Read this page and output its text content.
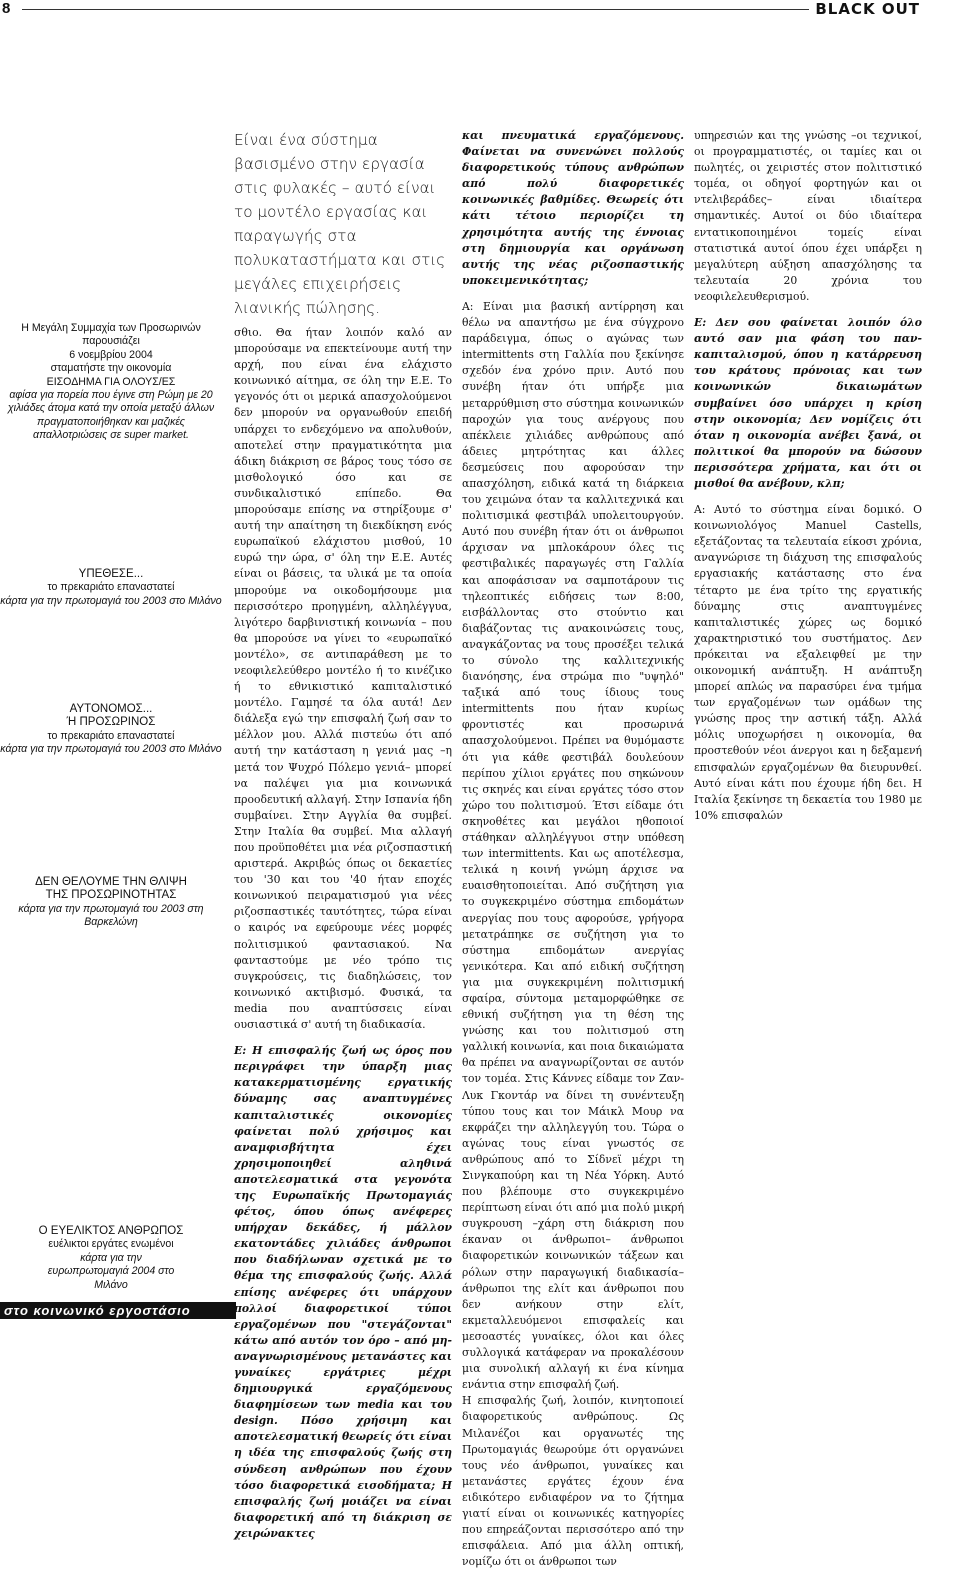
8	BLACK OUT
Η Μεγάλη Συμμαχία των Προσωρινών
παρουσιάζει
6 νοεμβρίου 2004
σταματήστε την οικονομία
ΕΙΣΟΔΗΜΑ ΓΙΑ ΟΛΟΥΣ/ΕΣ
αφίσα για πορεία που έγινε στη Ρώμη με 20 χιλιάδες άτομα κατά την οποία μεταξύ άλλων πραγματοποιήθηκαν και μαζικές απαλλοτριώσεις σε super market.
ΥΠΕΘΕΣΕ...
το πρεκαριάτο επαναστατεί
κάρτα για την πρωτομαγιά του 2003 στο Μιλάνο
ΑΥΤΟΝΟΜΟΣ...
Ή ΠΡΟΣΩΡΙΝΟΣ
το πρεκαριάτο επαναστατεί
κάρτα για την πρωτομαγιά του 2003 στο Μιλάνο
ΔΕΝ ΘΕΛΟΥΜΕ ΤΗΝ ΘΛΙΨΗ
ΤΗΣ ΠΡΟΣΩΡΙΝΟΤΗΤΑΣ
κάρτα για την πρωτομαγιά του 2003 στη Βαρκελώνη
Ο ΕΥΕΛΙΚΤΟΣ ΑΝΘΡΩΠΟΣ
ευέλικτοι εργάτες ενωμένοι
κάρτα για την ευρωπρωτομαγιά 2004 στο Μιλάνο
στο κοινωνικό εργοστάσιο
Είναι ένα σύστημα βασισμένο στην εργασία στις φυλακές – αυτό είναι το μοντέλο εργασίας και παραγωγής στα πολυκαταστήματα και στις μεγάλες επιχειρήσεις λιανικής πώλησης.

σθιο. Θα ήταν λοιπόν καλό αν μπορούσαμε να επεκτείνουμε αυτή την αρχή, που είναι ένα ελάχιστο κοινωνικό αίτημα, σε όλη την Ε.Ε. Το γεγονός ότι οι μερικά απασχολούμενοι δεν μπορούν να οργανωθούν επειδή υπάρχει το ενδεχόμενο να απολυθούν, αποτελεί στην πραγματικότητα μια άδικη διάκριση σε βάρος τους τόσο σε μισθολογικό όσο και σε συνδικαλιστικό επίπεδο. Θα μπορούσαμε επίσης να στηρίξουμε σ' αυτή την απαίτηση τη διεκδίκηση ενός ευρωπαϊκού ελάχιστου μισθού, 10 ευρώ την ώρα, σ' όλη την Ε.Ε. Αυτές είναι οι βάσεις, τα υλικά με τα οποία μπορούμε να οικοδομήσουμε μια περισσότερο προηγμένη, αλληλέγγυα, λιγότερο δαρβινιστική κοινωνία – που θα μπορούσε να γίνει το «ευρωπαϊκό μοντέλο», σε αντιπαράθεση με το νεοφιλελεύθερο μοντέλο ή το κινέζικο ή το εθνικιστικό καπιταλιστικό μοντέλο. Γαμησέ τα όλα αυτά! Δεν διάλεξα εγώ την επισφαλή ζωή σαν το μέλλον μου. Αλλά πιστεύω ότι από αυτή την κατάσταση η γενιά μας –η μετά τον Ψυχρό Πόλεμο γενιά– μπορεί να παλέψει για μια κοινωνικά προοδευτική αλλαγή. Στην Ισπανία ήδη συμβαίνει. Στην Αγγλία θα συμβεί. Στην Ιταλία θα συμβεί. Μια αλλαγή που προϋποθέτει μια νέα ριζοσπαστική αριστερά. Ακριβώς όπως οι δεκαετίες του '30 και του '40 ήταν εποχές κοινωνικού πειραματισμού για νέες ριζοσπαστικές ταυτότητες, τώρα είναι ο καιρός να εφεύρουμε νέες μορφές πολιτισμικού φαντασιακού. Να φανταστούμε με νέο τρόπο τις συγκρούσεις, τις διαδηλώσεις, τον κοινωνικό ακτιβισμό. Φυσικά, τα media που αναπτύσσεις είναι ουσιαστικά σ' αυτή τη διαδικασία.

Ε: Η επισφαλής ζωή ως όρος που περιγράφει την ύπαρξη μιας κατακερματισμένης εργατικής δύναμης σας αναπτυγμένες καπιταλιστικές οικονομίες φαίνεται πολύ χρήσιμος και αναμφισβήτητα έχει χρησιμοποιηθεί αληθινά αποτελεσματικά στα γεγονότα της Ευρωπαϊκής Πρωτομαγιάς φέτος, όπου όπως ανέφερες υπήρχαν δεκάδες, ή μάλλον εκατοντάδες χιλιάδες άνθρωποι που διαδήλωναν σχετικά με το θέμα της επισφαλούς ζωής. Αλλά επίσης ανέφερες ότι υπάρχουν πολλοί διαφορετικοί τύποι εργαζομένων που "στεγάζονται" κάτω από αυτόν τον όρο – από μη-αναγνωρισμένους μετανάστες και γυναίκες εργάτριες μέχρι δημιουργικά εργαζόμενους διαφημίσεων των media και του design. Πόσο χρήσιμη και αποτελεσματική θεωρείς ότι είναι η ιδέα της επισφαλούς ζωής στη σύνδεση ανθρώπων που έχουν τόσο διαφορετικά εισοδήματα; Η επισφαλής ζωή μοιάζει να είναι διαφορετική από τη διάκριση σε χειρώνακτες

και πνευματικά εργαζόμενους. Φαίνεται να συνενώνει πολλούς διαφορετικούς τύπους ανθρώπων από πολύ διαφορετικές κοινωνικές βαθμίδες. Θεωρείς ότι κάτι τέτοιο περιορίζει τη χρησιμότητα αυτής της έννοιας στη δημιουργία και οργάνωση αυτής της νέας ριζοσπαστικής υποκειμενικότητας;

Α: Είναι μια βασική αντίρρηση και θέλω να απαντήσω με ένα σύγχρονο παράδειγμα, όπως ο αγώνας των intermittents στη Γαλλία που ξεκίνησε σχεδόν ένα χρόνο πριν. Αυτό που συνέβη ήταν ότι υπήρξε μια μεταρρύθμιση στο σύστημα κοινωνικών παροχών για τους ανέργους που απέκλειε χιλιάδες ανθρώπους από άδειες μητρότητας και άλλες δεσμεύσεις που αφορούσαν την απασχόληση, ειδικά κατά τη διάρκεια του χειμώνα όταν τα καλλιτεχνικά και πολιτισμικά φεστιβάλ υπολειτουργούν. Αυτό που συνέβη ήταν ότι οι άνθρωποι άρχισαν να μπλοκάρουν όλες τις φεστιβαλικές παραγωγές στη Γαλλία και αποφάσισαν να σαμποτάρουν τις τηλεοπτικές ειδήσεις των 8:00, εισβάλλοντας στο στούντιο και διαβάζοντας τις ανακοινώσεις τους, αναγκάζοντας να τους προσέξει τελικά το σύνολο της καλλιτεχνικής διανόησης, ένα στρώμα πιο "υψηλό" ταξικά από τους ίδιους τους intermittents που ήταν κυρίως φροντιστές και προσωρινά απασχολούμενοι. Πρέπει να θυμόμαστε ότι για κάθε φεστιβάλ δουλεύουν περίπου χίλιοι εργάτες που σηκώνουν τις σκηνές και είναι εργάτες τόσο στον χώρο του πολιτισμού. Έτσι είδαμε ότι σκηνοθέτες και μεγάλοι ηθοποιοί στάθηκαν αλληλέγγυοι στην υπόθεση των intermittents. Και ως αποτέλεσμα, τελικά η κοινή γνώμη άρχισε να ευαισθητοποιείται. Από συζήτηση για το συγκεκριμένο σύστημα επιδομάτων ανεργίας που τους αφορούσε, γρήγορα μετατράπηκε σε συζήτηση για το σύστημα επιδομάτων ανεργίας γενικότερα. Και από ειδική συζήτηση για μια συγκεκριμένη πολιτισμική σφαίρα, σύντομα μεταμορφώθηκε σε εθνική συζήτηση για τη θέση της γνώσης και του πολιτισμού στη γαλλική κοινωνία, και ποια δικαιώματα θα πρέπει να αναγνωρίζονται σε αυτόν τον τομέα. Στις Κάννες είδαμε τον Ζαν-Λυκ Γκοντάρ να δίνει τη συνέντευξη τύπου τους και τον Μάικλ Μουρ να εκφράζει την αλληλεγγύη του. Τώρα ο αγώνας τους είναι γνωστός σε ανθρώπους από το Σίδνεϊ μέχρι τη Σινγκαπούρη και τη Νέα Υόρκη. Αυτό που βλέπουμε στο συγκεκριμένο περίπτωση είναι ότι από μια πολύ μικρή συγκρουση –χάρη στη διάκριση που έκαναν οι άνθρωποι– άνθρωποι διαφορετικών κοινωνικών τάξεων και ρόλων στην παραγωγική διαδικασία– άνθρωποι της ελίτ και άνθρωποι που δεν ανήκουν στην ελίτ, εκμεταλλευόμενοι επισφαλείς και μεσοαστές γυναίκες, όλοι και όλες συλλογικά κατάφεραν να προκαλέσουν μια συνολική αλλαγή κι ένα κίνημα ενάντια στην επισφαλή ζωή.

Η επισφαλής ζωή, λοιπόν, κινητοποιεί διαφορετικούς ανθρώπους. Ως Μιλανέζοι και οργανωτές της Πρωτομαγιάς θεωρούμε ότι οργανώνει τους νέο άνθρωποι, γυναίκες και μετανάστες εργάτες έχουν ένα ειδικότερο ενδιαφέρον να το ζήτημα γιατί είναι οι κοινωνικές κατηγορίες που επηρεάζονται περισσότερο από την επισφάλεια. Από μια άλλη οπτική, νομίζω ότι οι άνθρωποι των

υπηρεσιών και της γνώσης –οι τεχνικοί, οι προγραμματιστές, οι ταμίες και οι πωλητές, οι χειριστές στον πολιτιστικό τομέα, οι οδηγοί φορτηγών και οι ντελιβεράδες– είναι ιδιαίτερα σημαντικές. Αυτοί οι δύο ιδιαίτερα εντατικοποιημένοι τομείς είναι στατιστικά αυτοί όπου έχει υπάρξει η μεγαλύτερη αύξηση απασχόλησης τα τελευταία 20 χρόνια του νεοφιλελευθερισμού.

Ε: Δεν σου φαίνεται λοιπόν όλο αυτό σαν μια φάση του παν-καπιταλισμού, όπου η κατάρρευση του κράτους πρόνοιας και των κοινωνικών δικαιωμάτων συμβαίνει όσο υπάρχει η κρίση στην οικονομία; Δεν νομίζεις ότι όταν η οικονομία ανέβει ξανά, οι πολιτικοί θα μπορούν να δώσουν περισσότερα χρήματα, και ότι οι μισθοί θα ανέβουν, κλπ;

Α: Αυτό το σύστημα είναι δομικό. Ο κοινωνιολόγος Manuel Castells, εξετάζοντας τα τελευταία είκοσι χρόνια, αναγνώρισε τη διάχυση της επισφαλούς εργασιακής κατάστασης στο ένα τέταρτο με ένα τρίτο της εργατικής δύναμης στις αναπτυγμένες καπιταλιστικές χώρες ως δομικό χαρακτηριστικό του συστήματος. Δεν πρόκειται να εξαλειφθεί με την οικονομική ανάπτυξη. Η ανάπτυξη μπορεί απλώς να παρασύρει ένα τμήμα των εργαζομένων των ομάδων της γνώσης προς την αστική τάξη. Αλλά μόλις υποχωρήσει η οικονομία, θα προστεθούν νέοι άνεργοι και η δεξαμενή επισφαλών εργαζομένων θα διευρυνθεί. Αυτό είναι κάτι που έχουμε ήδη δει. Η Ιταλία ξεκίνησε τη δεκαετία του 1980 με 10% επισφαλών
